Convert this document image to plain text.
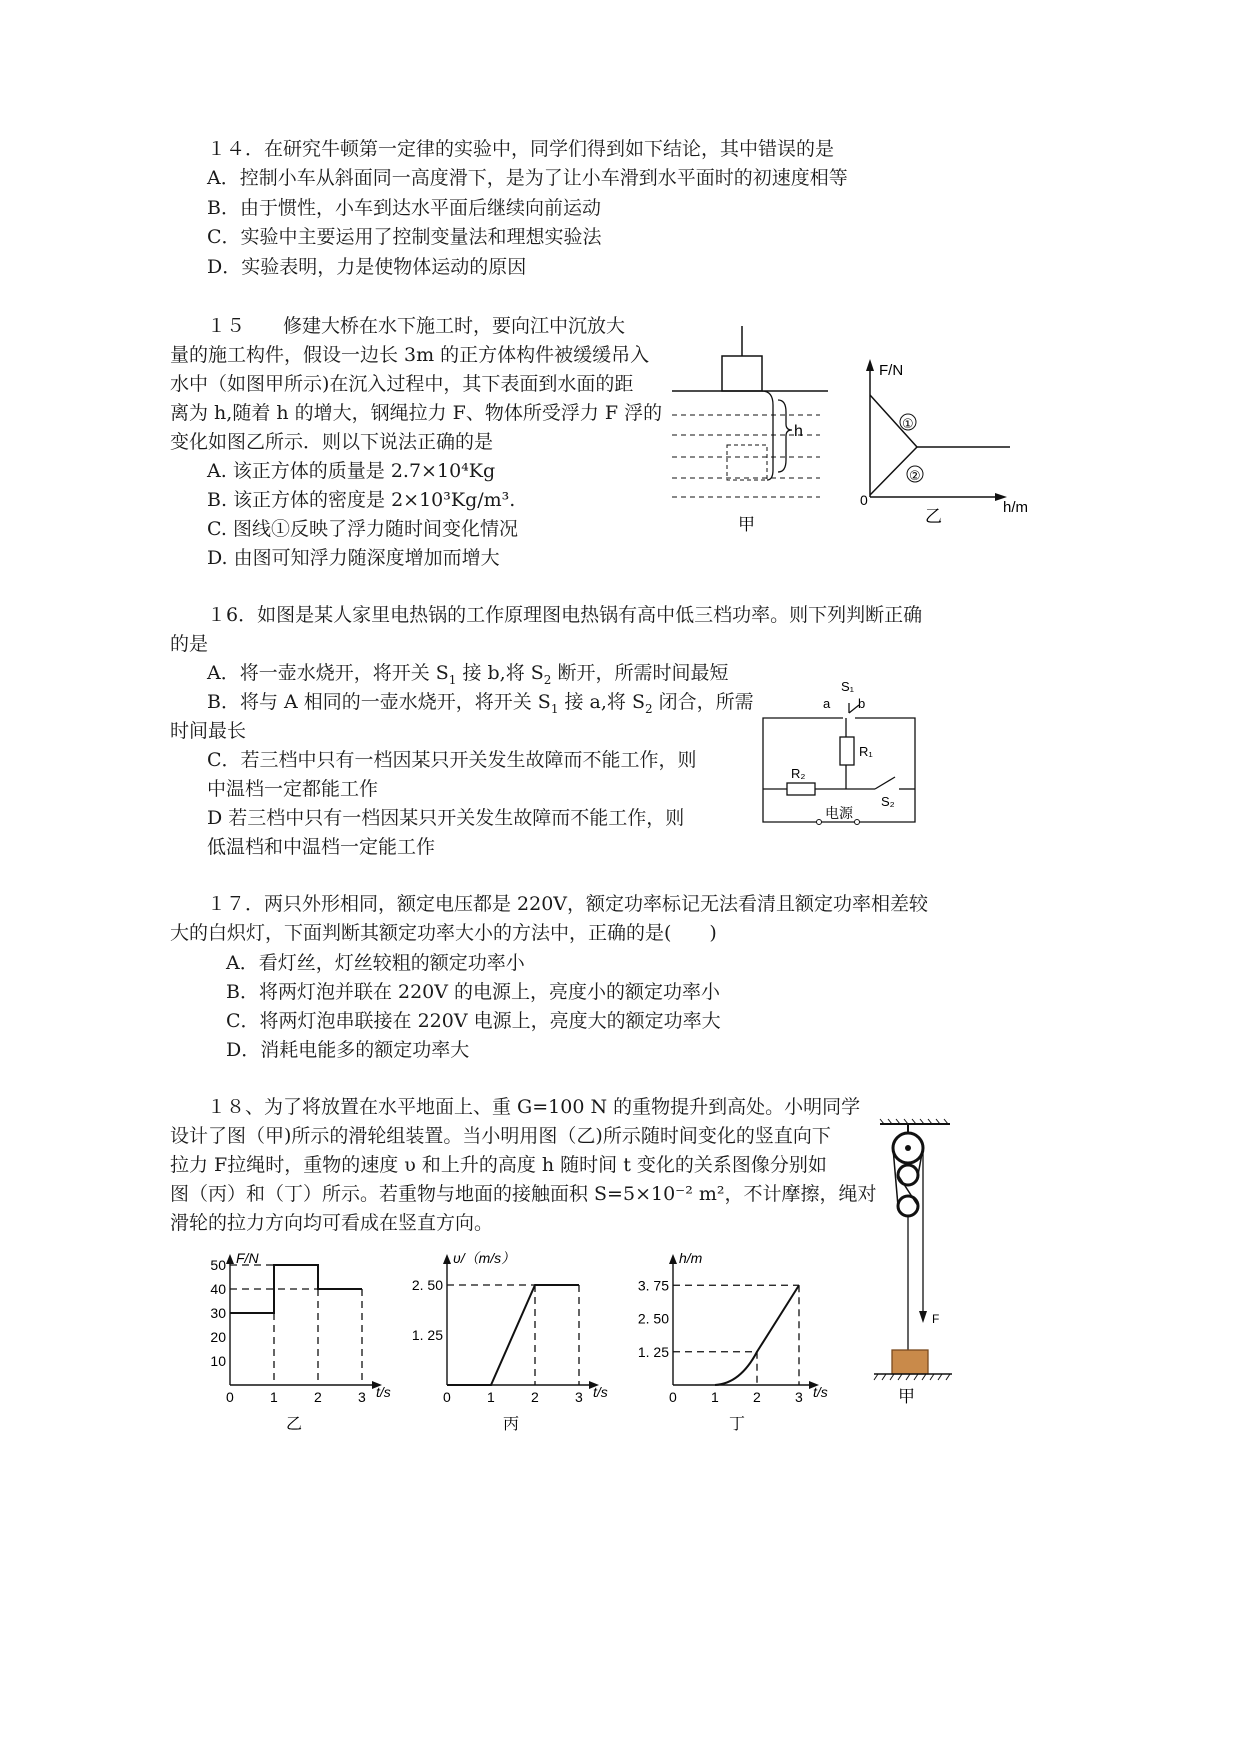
１４．在研究牛顿第一定律的实验中，同学们得到如下结论，其中错误的是
A．控制小车从斜面同一高度滑下，是为了让小车滑到水平面时的初速度相等
B．由于惯性，小车到达水平面后继续向前运动
C．实验中主要运用了控制变量法和理想实验法
D．实验表明，力是使物体运动的原因
１５　　修建大桥在水下施工时，要向江中沉放大
量的施工构件，假设一边长 3m 的正方体构件被缓缓吊入
水中（如图甲所示)在沉入过程中，其下表面到水面的距
离为 h,随着 h 的增大，钢绳拉力 F、物体所受浮力 F 浮的
变化如图乙所示．则以下说法正确的是
A. 该正方体的质量是 2.7×10⁴Kg
B. 该正方体的密度是 2×10³Kg/m³.
C. 图线①反映了浮力随时间变化情况
D. 由图可知浮力随深度增加而增大
h
甲
①
②
F/N
h/m
0
乙
１6．如图是某人家里电热锅的工作原理图电热锅有高中低三档功率。则下列判断正确
的是
A．将一壶水烧开，将开关 $S_1$ 接 b,将 $S_2$ 断开，所需时间最短
B．将与 A 相同的一壶水烧开，将开关 $S_1$ 接 a,将 $S_2$ 闭合，所需
时间最长
C．若三档中只有一档因某只开关发生故障而不能工作，则
中温档一定都能工作
D 若三档中只有一档因某只开关发生故障而不能工作，则
低温档和中温档一定能工作
S₁
a b
R₁
R₂
S₂
电源
１７．两只外形相同，额定电压都是 220V，额定功率标记无法看清且额定功率相差较
大的白炽灯，下面判断其额定功率大小的方法中，正确的是(　　)
A．看灯丝，灯丝较粗的额定功率小
B．将两灯泡并联在 220V 的电源上，亮度小的额定功率小
C．将两灯泡串联接在 220V 电源上，亮度大的额定功率大
D．消耗电能多的额定功率大
１８、为了将放置在水平地面上、重 G=100 N 的重物提升到高处。小明同学
设计了图（甲)所示的滑轮组装置。当小明用图（乙)所示随时间变化的竖直向下
拉力 F拉绳时，重物的速度 υ 和上升的高度 h 随时间 t 变化的关系图像分别如
图（丙）和（丁）所示。若重物与地面的接触面积 S=5×10⁻² m²，不计摩擦，绳对
滑轮的拉力方向均可看成在竖直方向。
F
甲
F/N
t/s
0	1	2	3
10
20
30
40
50
乙
υ/（m/s）
t/s
0	1	2	3
1. 25
2. 50
丙
h/m
t/s
0 1 2 3
1. 25
2. 50
3. 75
丁
